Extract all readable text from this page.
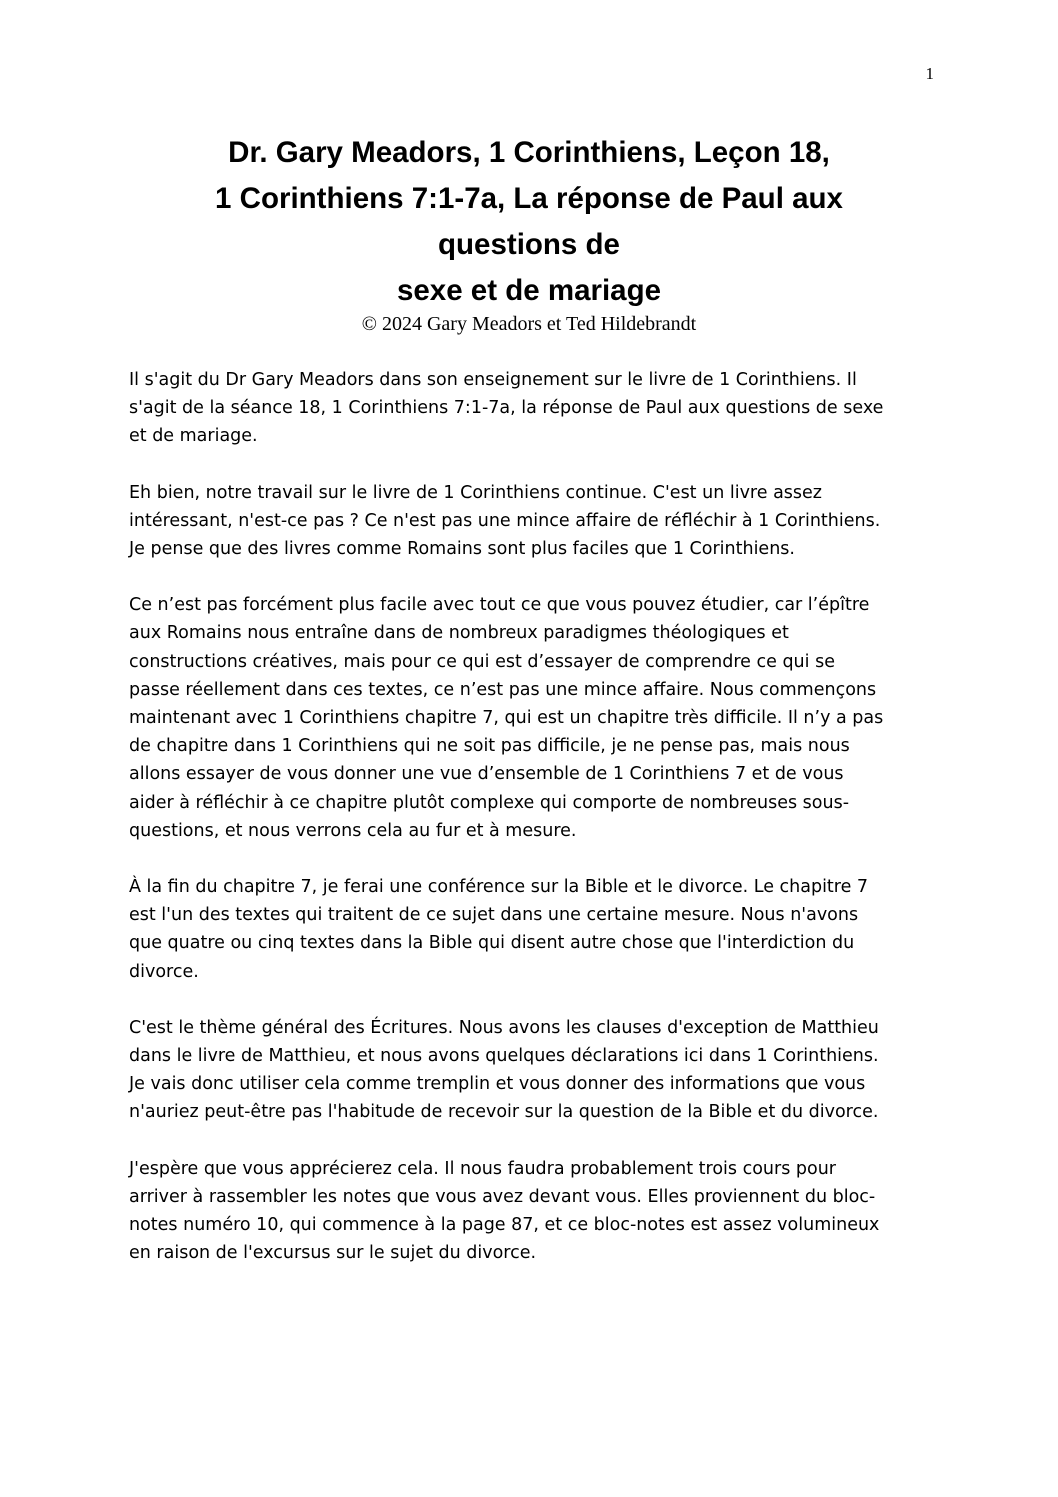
1
Dr. Gary Meadors, 1 Corinthiens, Leçon 18,
1 Corinthiens 7:1-7a, La réponse de Paul aux
questions de
sexe et de mariage
© 2024 Gary Meadors et Ted Hildebrandt
Il s'agit du Dr Gary Meadors dans son enseignement sur le livre de 1 Corinthiens. Il
s'agit de la séance 18, 1 Corinthiens 7:1-7a, la réponse de Paul aux questions de sexe
et de mariage.
Eh bien, notre travail sur le livre de 1 Corinthiens continue. C'est un livre assez
intéressant, n'est-ce pas ? Ce n'est pas une mince affaire de réfléchir à 1 Corinthiens.
Je pense que des livres comme Romains sont plus faciles que 1 Corinthiens.
Ce n’est pas forcément plus facile avec tout ce que vous pouvez étudier, car l’épître
aux Romains nous entraîne dans de nombreux paradigmes théologiques et
constructions créatives, mais pour ce qui est d’essayer de comprendre ce qui se
passe réellement dans ces textes, ce n’est pas une mince affaire. Nous commençons
maintenant avec 1 Corinthiens chapitre 7, qui est un chapitre très difficile. Il n’y a pas
de chapitre dans 1 Corinthiens qui ne soit pas difficile, je ne pense pas, mais nous
allons essayer de vous donner une vue d’ensemble de 1 Corinthiens 7 et de vous
aider à réfléchir à ce chapitre plutôt complexe qui comporte de nombreuses sous-
questions, et nous verrons cela au fur et à mesure.
À la fin du chapitre 7, je ferai une conférence sur la Bible et le divorce. Le chapitre 7
est l'un des textes qui traitent de ce sujet dans une certaine mesure. Nous n'avons
que quatre ou cinq textes dans la Bible qui disent autre chose que l'interdiction du
divorce.
C'est le thème général des Écritures. Nous avons les clauses d'exception de Matthieu
dans le livre de Matthieu, et nous avons quelques déclarations ici dans 1 Corinthiens.
Je vais donc utiliser cela comme tremplin et vous donner des informations que vous
n'auriez peut-être pas l'habitude de recevoir sur la question de la Bible et du divorce.
J'espère que vous apprécierez cela. Il nous faudra probablement trois cours pour
arriver à rassembler les notes que vous avez devant vous. Elles proviennent du bloc-
notes numéro 10, qui commence à la page 87, et ce bloc-notes est assez volumineux
en raison de l'excursus sur le sujet du divorce.
